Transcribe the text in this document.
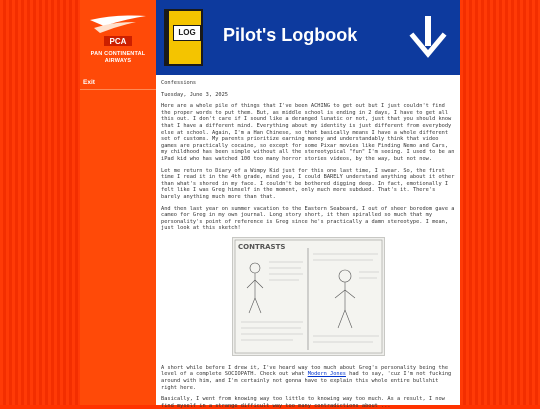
PCA
PAN CONTINENTAL
AIRWAYS
LOG Pilot's Logbook
Exit	Confessions

Tuesday, June 3, 2025

Here are a whole pile of things that I've been ACHING to get out but I just couldn't find the proper words to put them. But, as middle school is ending in 2 days, I have to get all this out. I don't care if I sound like a deranged lunatic or not, just that you should know that I have a different mind. Everything about my identity is just different from everybody else at school. Again, I'm a Han Chinese, so that basically means I have a whole different set of customs. My parents prioritize earning money and understandably think that video games are practically cocaine, so except for some Pixar movies like Finding Nemo and Cars, my childhood has been simple without all the stereotypical "fun" I'm seeing. I used to be an iPad kid who has watched 100 too many horror stories videos, by the way, but not now.

Let me return to Diary of a Wimpy Kid just for this one last time, I swear. So, the first time I read it in the 4th grade, mind you, I could BARELY understand anything about it other than what's shored in my face. I couldn't be bothered digging deep. In fact, emotionally I felt like I was Greg himself in the moment, only much more subdued. That's it. There's barely anything much more than that.

And then last year on summer vacation to the Eastern Seaboard, I out of sheer boredom gave a cameo for Greg in my own journal. Long story short, it then spiralled so much that my personality's point of reference is Greg since he's practically a damn stereotype. I mean, just look at this sketch!

CONTRASTS

A short while before I drew it, I've heard way too much about Greg's personality being the level of a complete SOCIOPATH. Check out what Modern Jones had to say, 'cuz I'm not fucking around with him, and I'm certainly not gonna have to explain this whole entire bullshit right here.

Basically, I went from knowing way too little to knowing way too much. As a result, I now find myself in a strange difficult way too many contradictions about ...
